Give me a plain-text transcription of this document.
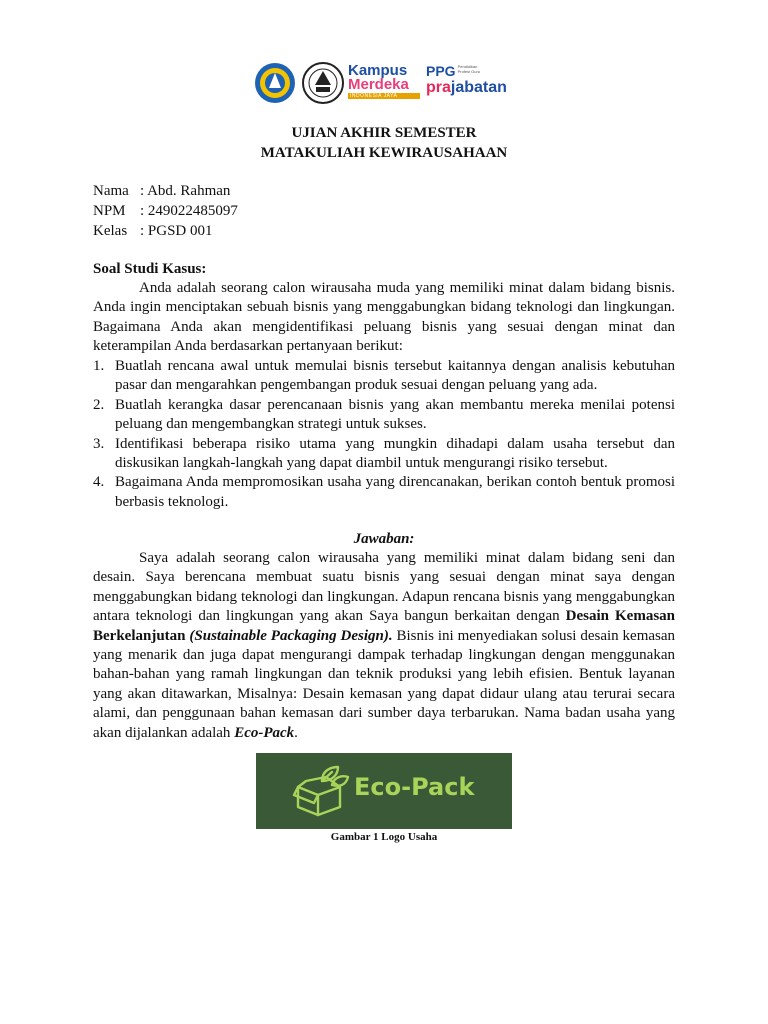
Kampus
Merdeka
INDONESIA JAYA
PPG Pendidikan Profesi Guru
prajabatan
UJIAN AKHIR SEMESTER
MATAKULIAH KEWIRAUSAHAAN
Nama : Abd. Rahman
NPM : 249022485097
Kelas : PGSD 001
Soal Studi Kasus:
Anda adalah seorang calon wirausaha muda yang memiliki minat dalam bidang bisnis. Anda ingin menciptakan sebuah bisnis yang menggabungkan bidang teknologi dan lingkungan. Bagaimana Anda akan mengidentifikasi peluang bisnis yang sesuai dengan minat dan keterampilan Anda berdasarkan pertanyaan berikut:
1. Buatlah rencana awal untuk memulai bisnis tersebut kaitannya dengan analisis kebutuhan pasar dan mengarahkan pengembangan produk sesuai dengan peluang yang ada.
2. Buatlah kerangka dasar perencanaan bisnis yang akan membantu mereka menilai potensi peluang dan mengembangkan strategi untuk sukses.
3. Identifikasi beberapa risiko utama yang mungkin dihadapi dalam usaha tersebut dan diskusikan langkah-langkah yang dapat diambil untuk mengurangi risiko tersebut.
4. Bagaimana Anda mempromosikan usaha yang direncanakan, berikan contoh bentuk promosi berbasis teknologi.
Jawaban:
Saya adalah seorang calon wirausaha yang memiliki minat dalam bidang seni dan desain. Saya berencana membuat suatu bisnis yang sesuai dengan minat saya dengan menggabungkan bidang teknologi dan lingkungan. Adapun rencana bisnis yang menggabungkan antara teknologi dan lingkungan yang akan Saya bangun berkaitan dengan Desain Kemasan Berkelanjutan (Sustainable Packaging Design). Bisnis ini menyediakan solusi desain kemasan yang menarik dan juga dapat mengurangi dampak terhadap lingkungan dengan menggunakan bahan-bahan yang ramah lingkungan dan teknik produksi yang lebih efisien. Bentuk layanan yang akan ditawarkan, Misalnya: Desain kemasan yang dapat didaur ulang atau terurai secara alami, dan penggunaan bahan kemasan dari sumber daya terbarukan. Nama badan usaha yang akan dijalankan adalah Eco-Pack.
Eco-Pack
Gambar 1 Logo Usaha
